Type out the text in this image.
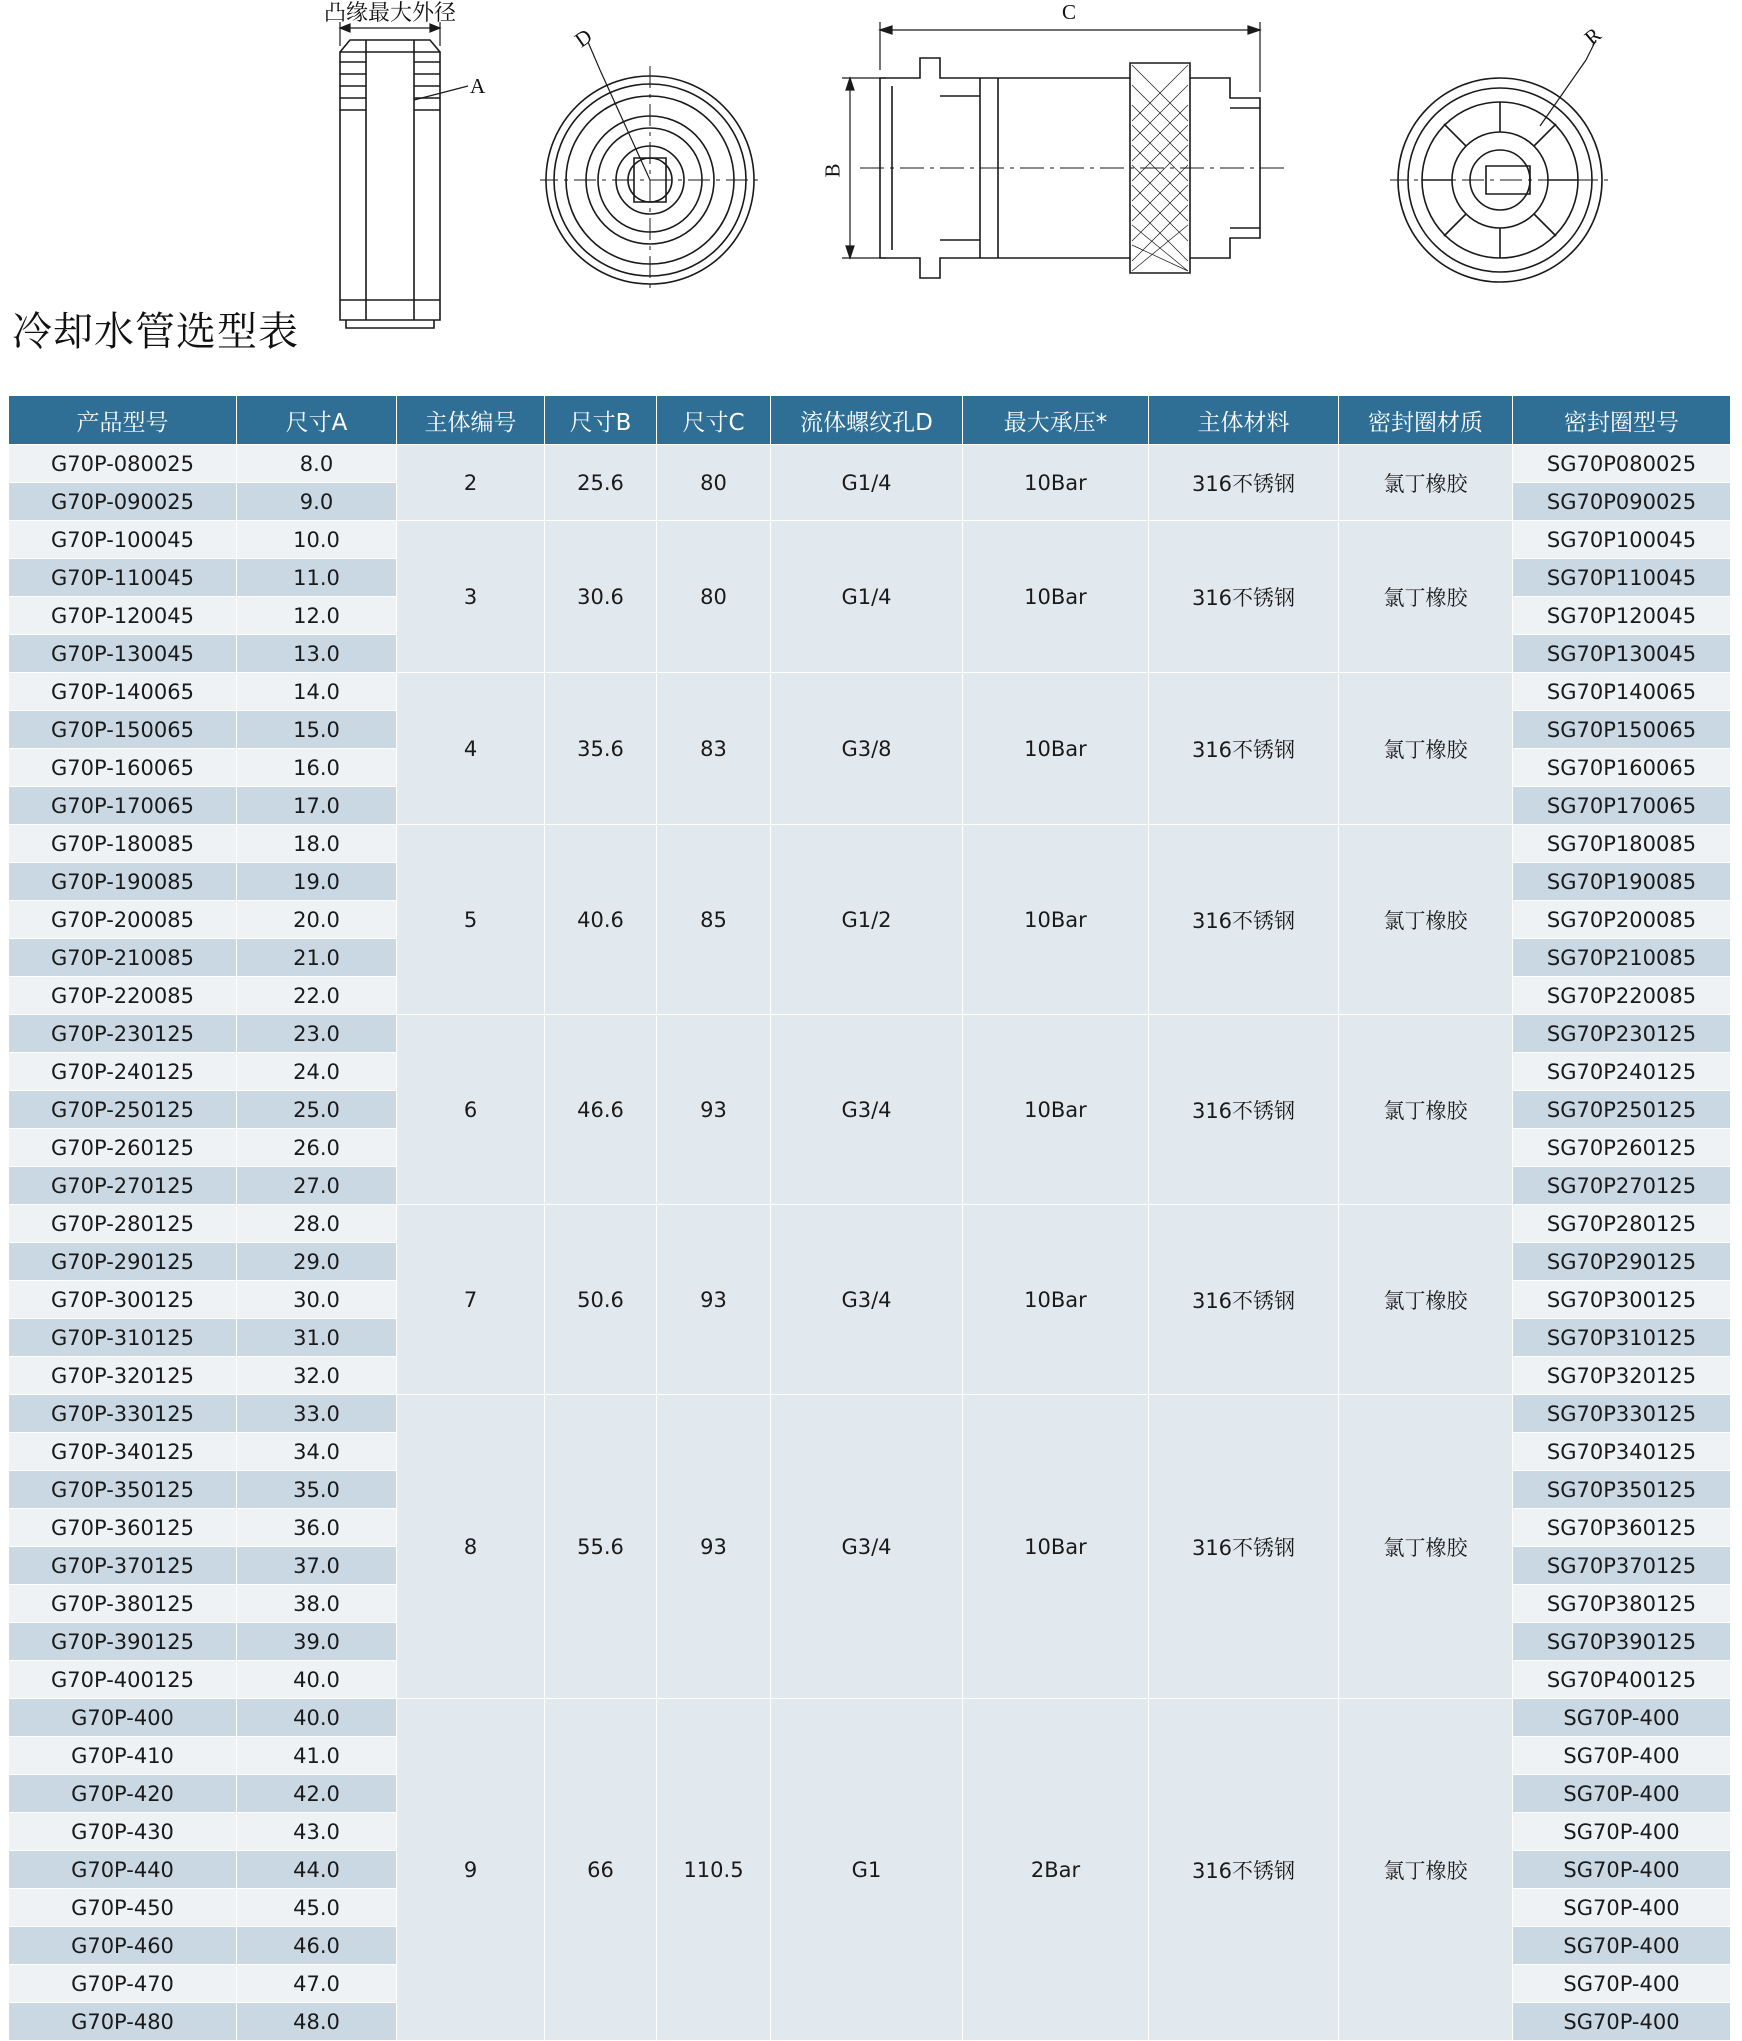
凸缘最大外径
A
D
C
B
R
冷却水管选型表
产品型号	尺寸A	主体编号	尺寸B	尺寸C	流体螺纹孔D	最大承压*	主体材料	密封圈材质	密封圈型号
G70P-080025	8.0	2	25.6	80	G1/4	10Bar	316不锈钢	氯丁橡胶	SG70P080025
G70P-090025	9.0								SG70P090025
G70P-100045	10.0	3	30.6	80	G1/4	10Bar	316不锈钢	氯丁橡胶	SG70P100045
G70P-110045	11.0								SG70P110045
G70P-120045	12.0								SG70P120045
G70P-130045	13.0								SG70P130045
G70P-140065	14.0	4	35.6	83	G3/8	10Bar	316不锈钢	氯丁橡胶	SG70P140065
G70P-150065	15.0								SG70P150065
G70P-160065	16.0								SG70P160065
G70P-170065	17.0								SG70P170065
G70P-180085	18.0	5	40.6	85	G1/2	10Bar	316不锈钢	氯丁橡胶	SG70P180085
G70P-190085	19.0								SG70P190085
G70P-200085	20.0								SG70P200085
G70P-210085	21.0								SG70P210085
G70P-220085	22.0								SG70P220085
G70P-230125	23.0	6	46.6	93	G3/4	10Bar	316不锈钢	氯丁橡胶	SG70P230125
G70P-240125	24.0								SG70P240125
G70P-250125	25.0								SG70P250125
G70P-260125	26.0								SG70P260125
G70P-270125	27.0								SG70P270125
G70P-280125	28.0	7	50.6	93	G3/4	10Bar	316不锈钢	氯丁橡胶	SG70P280125
G70P-290125	29.0								SG70P290125
G70P-300125	30.0								SG70P300125
G70P-310125	31.0								SG70P310125
G70P-320125	32.0								SG70P320125
G70P-330125	33.0	8	55.6	93	G3/4	10Bar	316不锈钢	氯丁橡胶	SG70P330125
G70P-340125	34.0								SG70P340125
G70P-350125	35.0								SG70P350125
G70P-360125	36.0								SG70P360125
G70P-370125	37.0								SG70P370125
G70P-380125	38.0								SG70P380125
G70P-390125	39.0								SG70P390125
G70P-400125	40.0								SG70P400125
G70P-400	40.0	9	66	110.5	G1	2Bar	316不锈钢	氯丁橡胶	SG70P-400
G70P-410	41.0								SG70P-400
G70P-420	42.0								SG70P-400
G70P-430	43.0								SG70P-400
G70P-440	44.0								SG70P-400
G70P-450	45.0								SG70P-400
G70P-460	46.0								SG70P-400
G70P-470	47.0								SG70P-400
G70P-480	48.0								SG70P-400
